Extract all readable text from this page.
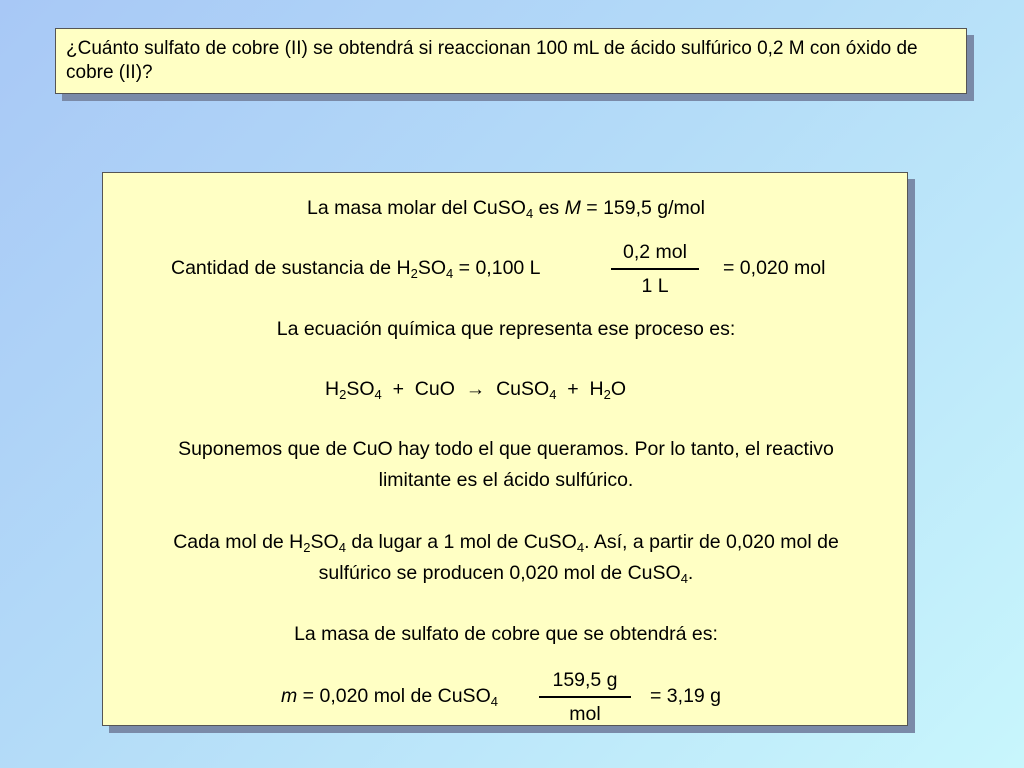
¿Cuánto sulfato de cobre (II) se obtendrá si reaccionan 100 mL de ácido sulfúrico 0,2 M con óxido de cobre (II)?

La masa molar del CuSO$_4$ es M = 159,5 g/mol
Cantidad de sustancia de $H_2SO_4 = 0,100$ L
0,2 mol
1 L
= 0,020 mol
La ecuación química que representa ese proceso es:
$H_2SO_4$  +  CuO  →  CuSO$_4$  +  $H_2O$
Suponemos que de CuO hay todo el que queramos. Por lo tanto, el reactivo
limitante es el ácido sulfúrico.
Cada mol de $H_2SO_4$ da lugar a 1 mol de CuSO$_4$. Así, a partir de 0,020 mol de
sulfúrico se producen 0,020 mol de CuSO$_4$.
La masa de sulfato de cobre que se obtendrá es:
m = 0,020 mol de CuSO$_4$
159,5 g
mol
= 3,19 g
